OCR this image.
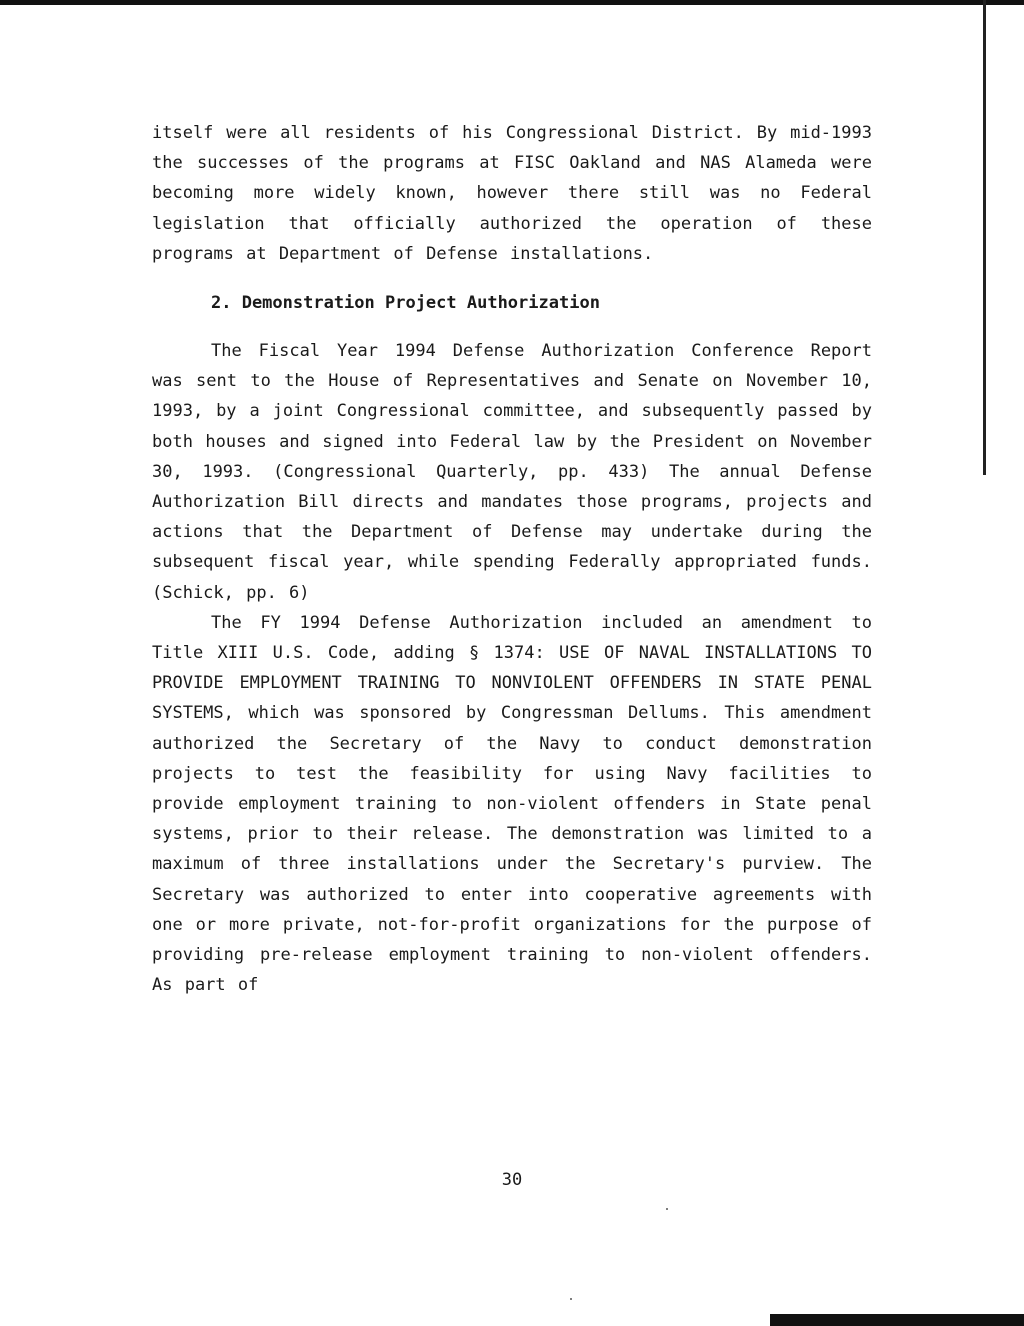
itself were all residents of his Congressional District. By mid-1993 the successes of the programs at FISC Oakland and NAS Alameda were becoming more widely known, however there still was no Federal legislation that officially authorized the operation of these programs at Department of Defense installations.

2. Demonstration Project Authorization

The Fiscal Year 1994 Defense Authorization Conference Report was sent to the House of Representatives and Senate on November 10, 1993, by a joint Congressional committee, and subsequently passed by both houses and signed into Federal law by the President on November 30, 1993. (Congressional Quarterly, pp. 433) The annual Defense Authorization Bill directs and mandates those programs, projects and actions that the Department of Defense may undertake during the subsequent fiscal year, while spending Federally appropriated funds. (Schick, pp. 6)

The FY 1994 Defense Authorization included an amendment to Title XIII U.S. Code, adding § 1374: USE OF NAVAL INSTALLATIONS TO PROVIDE EMPLOYMENT TRAINING TO NONVIOLENT OFFENDERS IN STATE PENAL SYSTEMS, which was sponsored by Congressman Dellums. This amendment authorized the Secretary of the Navy to conduct demonstration projects to test the feasibility for using Navy facilities to provide employment training to non-violent offenders in State penal systems, prior to their release. The demonstration was limited to a maximum of three installations under the Secretary's purview. The Secretary was authorized to enter into cooperative agreements with one or more private, not-for-profit organizations for the purpose of providing pre-release employment training to non-violent offenders. As part of

30
